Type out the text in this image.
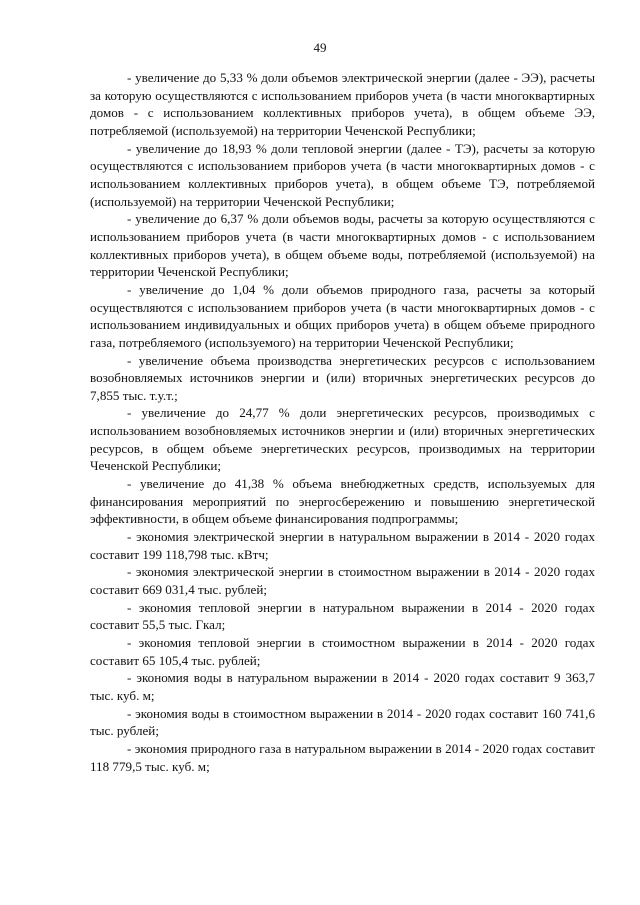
49

- увеличение до 5,33 % доли объемов электрической энергии (далее - ЭЭ), расчеты за которую осуществляются с использованием приборов учета (в части многоквартирных домов - с использованием коллективных приборов учета), в общем объеме ЭЭ, потребляемой (используемой) на территории Чеченской Республики;

- увеличение до 18,93 % доли тепловой энергии (далее - ТЭ), расчеты за которую осуществляются с использованием приборов учета (в части многоквартирных домов - с использованием коллективных приборов учета), в общем объеме ТЭ, потребляемой (используемой) на территории Чеченской Республики;

- увеличение до 6,37 % доли объемов воды, расчеты за которую осуществляются с использованием приборов учета (в части многоквартирных домов - с использованием коллективных приборов учета), в общем объеме воды, потребляемой (используемой) на территории Чеченской Республики;

- увеличение до 1,04 % доли объемов природного газа, расчеты за который осуществляются с использованием приборов учета (в части многоквартирных домов - с использованием индивидуальных и общих приборов учета) в общем объеме природного газа, потребляемого (используемого) на территории Чеченской Республики;

- увеличение объема производства энергетических ресурсов с использованием возобновляемых источников энергии и (или) вторичных энергетических ресурсов до 7,855 тыс. т.у.т.;

- увеличение до 24,77 % доли энергетических ресурсов, производимых с использованием возобновляемых источников энергии и (или) вторичных энергетических ресурсов, в общем объеме энергетических ресурсов, производимых на территории Чеченской Республики;

- увеличение до 41,38 % объема внебюджетных средств, используемых для финансирования мероприятий по энергосбережению и повышению энергетической эффективности, в общем объеме финансирования подпрограммы;

- экономия электрической энергии в натуральном выражении в 2014 - 2020 годах составит 199 118,798 тыс. кВтч;

- экономия электрической энергии в стоимостном выражении в 2014 - 2020 годах составит 669 031,4 тыс. рублей;

- экономия тепловой энергии в натуральном выражении в 2014 - 2020 годах составит 55,5 тыс. Гкал;

- экономия тепловой энергии в стоимостном выражении в 2014 - 2020 годах составит 65 105,4 тыс. рублей;

- экономия воды в натуральном выражении в 2014 - 2020 годах составит 9 363,7 тыс. куб. м;

- экономия воды в стоимостном выражении в 2014 - 2020 годах составит 160 741,6 тыс. рублей;

- экономия природного газа в натуральном выражении в 2014 - 2020 годах составит 118 779,5 тыс. куб. м;
